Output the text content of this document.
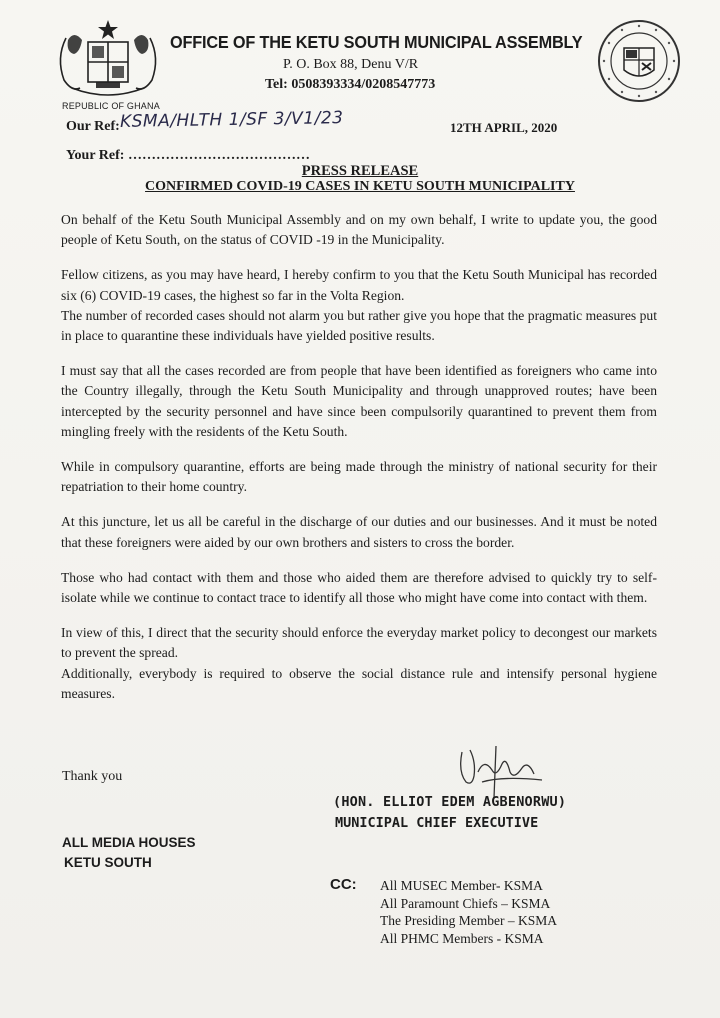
REPUBLIC OF GHANA
OFFICE OF THE KETU SOUTH MUNICIPAL ASSEMBLY
P. O. Box 88, Denu V/R
Tel: 0508393334/0208547773
Our Ref: KSMA/HLTH 1/SF 3/V1/23	12TH APRIL, 2020
Your Ref: …………………………………
PRESS RELEASE
CONFIRMED COVID-19 CASES IN KETU SOUTH MUNICIPALITY

On behalf of the Ketu South Municipal Assembly and on my own behalf, I write to update you, the good people of Ketu South, on the status of COVID -19 in the Municipality.

Fellow citizens, as you may have heard, I hereby confirm to you that the Ketu South Municipal has recorded six (6) COVID-19 cases, the highest so far in the Volta Region.

The number of recorded cases should not alarm you but rather give you hope that the pragmatic measures put in place to quarantine these individuals have yielded positive results.

I must say that all the cases recorded are from people that have been identified as foreigners who came into the Country illegally, through the Ketu South Municipality and through unapproved routes; have been intercepted by the security personnel and have since been compulsorily quarantined to prevent them from mingling freely with the residents of the Ketu South.

While in compulsory quarantine, efforts are being made through the ministry of national security for their repatriation to their home country.

At this juncture, let us all be careful in the discharge of our duties and our businesses. And it must be noted that these foreigners were aided by our own brothers and sisters to cross the border.

Those who had contact with them and those who aided them are therefore advised to quickly try to self-isolate while we continue to contact trace to identify all those who might have come into contact with them.

In view of this, I direct that the security should enforce the everyday market policy to decongest our markets to prevent the spread.

Additionally, everybody is required to observe the social distance rule and intensify personal hygiene measures.

Thank you
(HON. ELLIOT EDEM AGBENORWU)
MUNICIPAL CHIEF EXECUTIVE
ALL MEDIA HOUSES
KETU SOUTH
CC: All MUSEC Member- KSMA
All Paramount Chiefs – KSMA
The Presiding Member – KSMA
All PHMC Members - KSMA
